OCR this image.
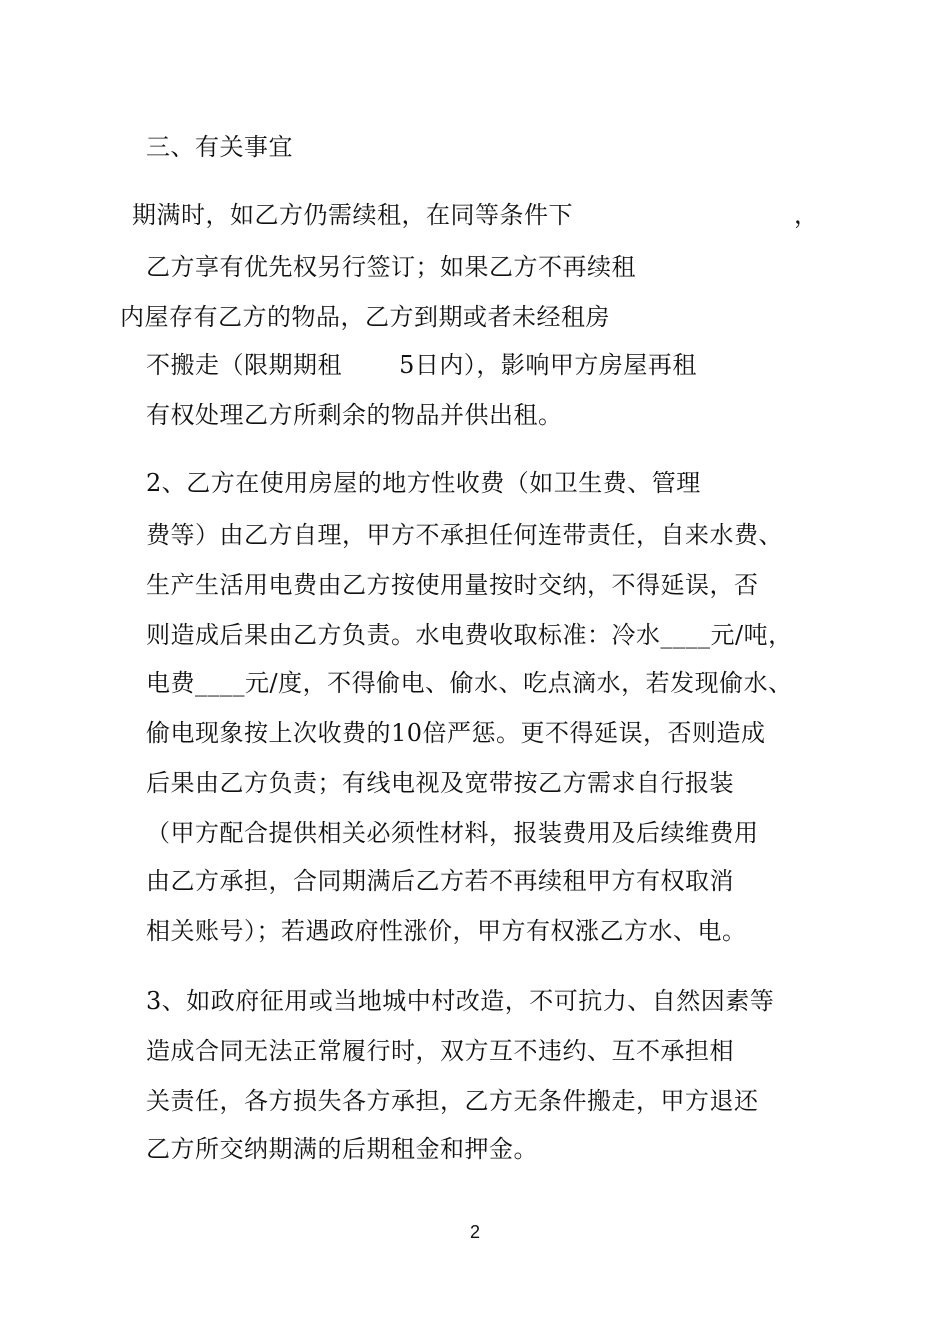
三、有关事宜
期满时，如乙方仍需续租，在同等条件下	，
乙方享有优先权另行签订；如果乙方不再续租
内屋存有乙方的物品，乙方到期或者未经租房
不搬走（限期期租　　 5日内），影响甲方房屋再租
有权处理乙方所剩余的物品并供出租。
2、乙方在使用房屋的地方性收费（如卫生费、管理
费等）由乙方自理，甲方不承担任何连带责任，自来水费、
生产生活用电费由乙方按使用量按时交纳，不得延误，否
则造成后果由乙方负责。水电费收取标准：冷水____元/吨，
电费____元/度，不得偷电、偷水、吃点滴水，若发现偷水、
偷电现象按上次收费的10倍严惩。更不得延误，否则造成
后果由乙方负责；有线电视及宽带按乙方需求自行报装
（甲方配合提供相关必须性材料，报装费用及后续维费用
由乙方承担，合同期满后乙方若不再续租甲方有权取消
相关账号）；若遇政府性涨价，甲方有权涨乙方水、电。
3、如政府征用或当地城中村改造，不可抗力、自然因素等
造成合同无法正常履行时，双方互不违约、互不承担相
关责任，各方损失各方承担，乙方无条件搬走，甲方退还
乙方所交纳期满的后期租金和押金。
2
